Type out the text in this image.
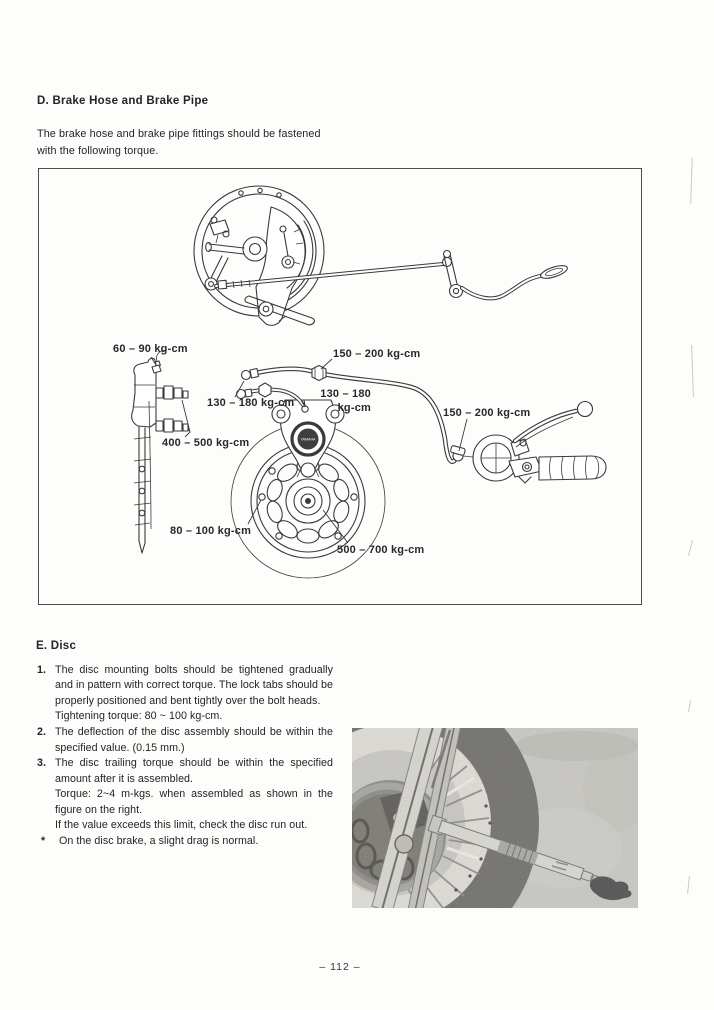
D. Brake Hose and Brake Pipe
The brake hose and brake pipe fittings should be fastened
with the following torque.
YAMAHA
60 – 90 kg-cm	150 – 200 kg-cm
130 – 180 kg-cm
130 – 180
kg-cm
400 – 500 kg-cm
150 – 200 kg-cm
80 – 100 kg-cm
500 – 700 kg-cm
E. Disc
1. The disc mounting bolts should be tightened gradually and in pattern with correct torque. The lock tabs should be properly positioned and bent tightly over the bolt heads.

Tightening torque: 80 ~ 100 kg-cm.

2. The deflection of the disc assembly should be within the specified value. (0.15 mm.)

3. The disc trailing torque should be within the specified amount after it is assembled.

Torque: 2~4 m-kgs. when assembled as shown in the figure on the right.

If the value exceeds this limit, check the disc run out.

*	On the disc brake, a slight drag is normal.

– 112 –
